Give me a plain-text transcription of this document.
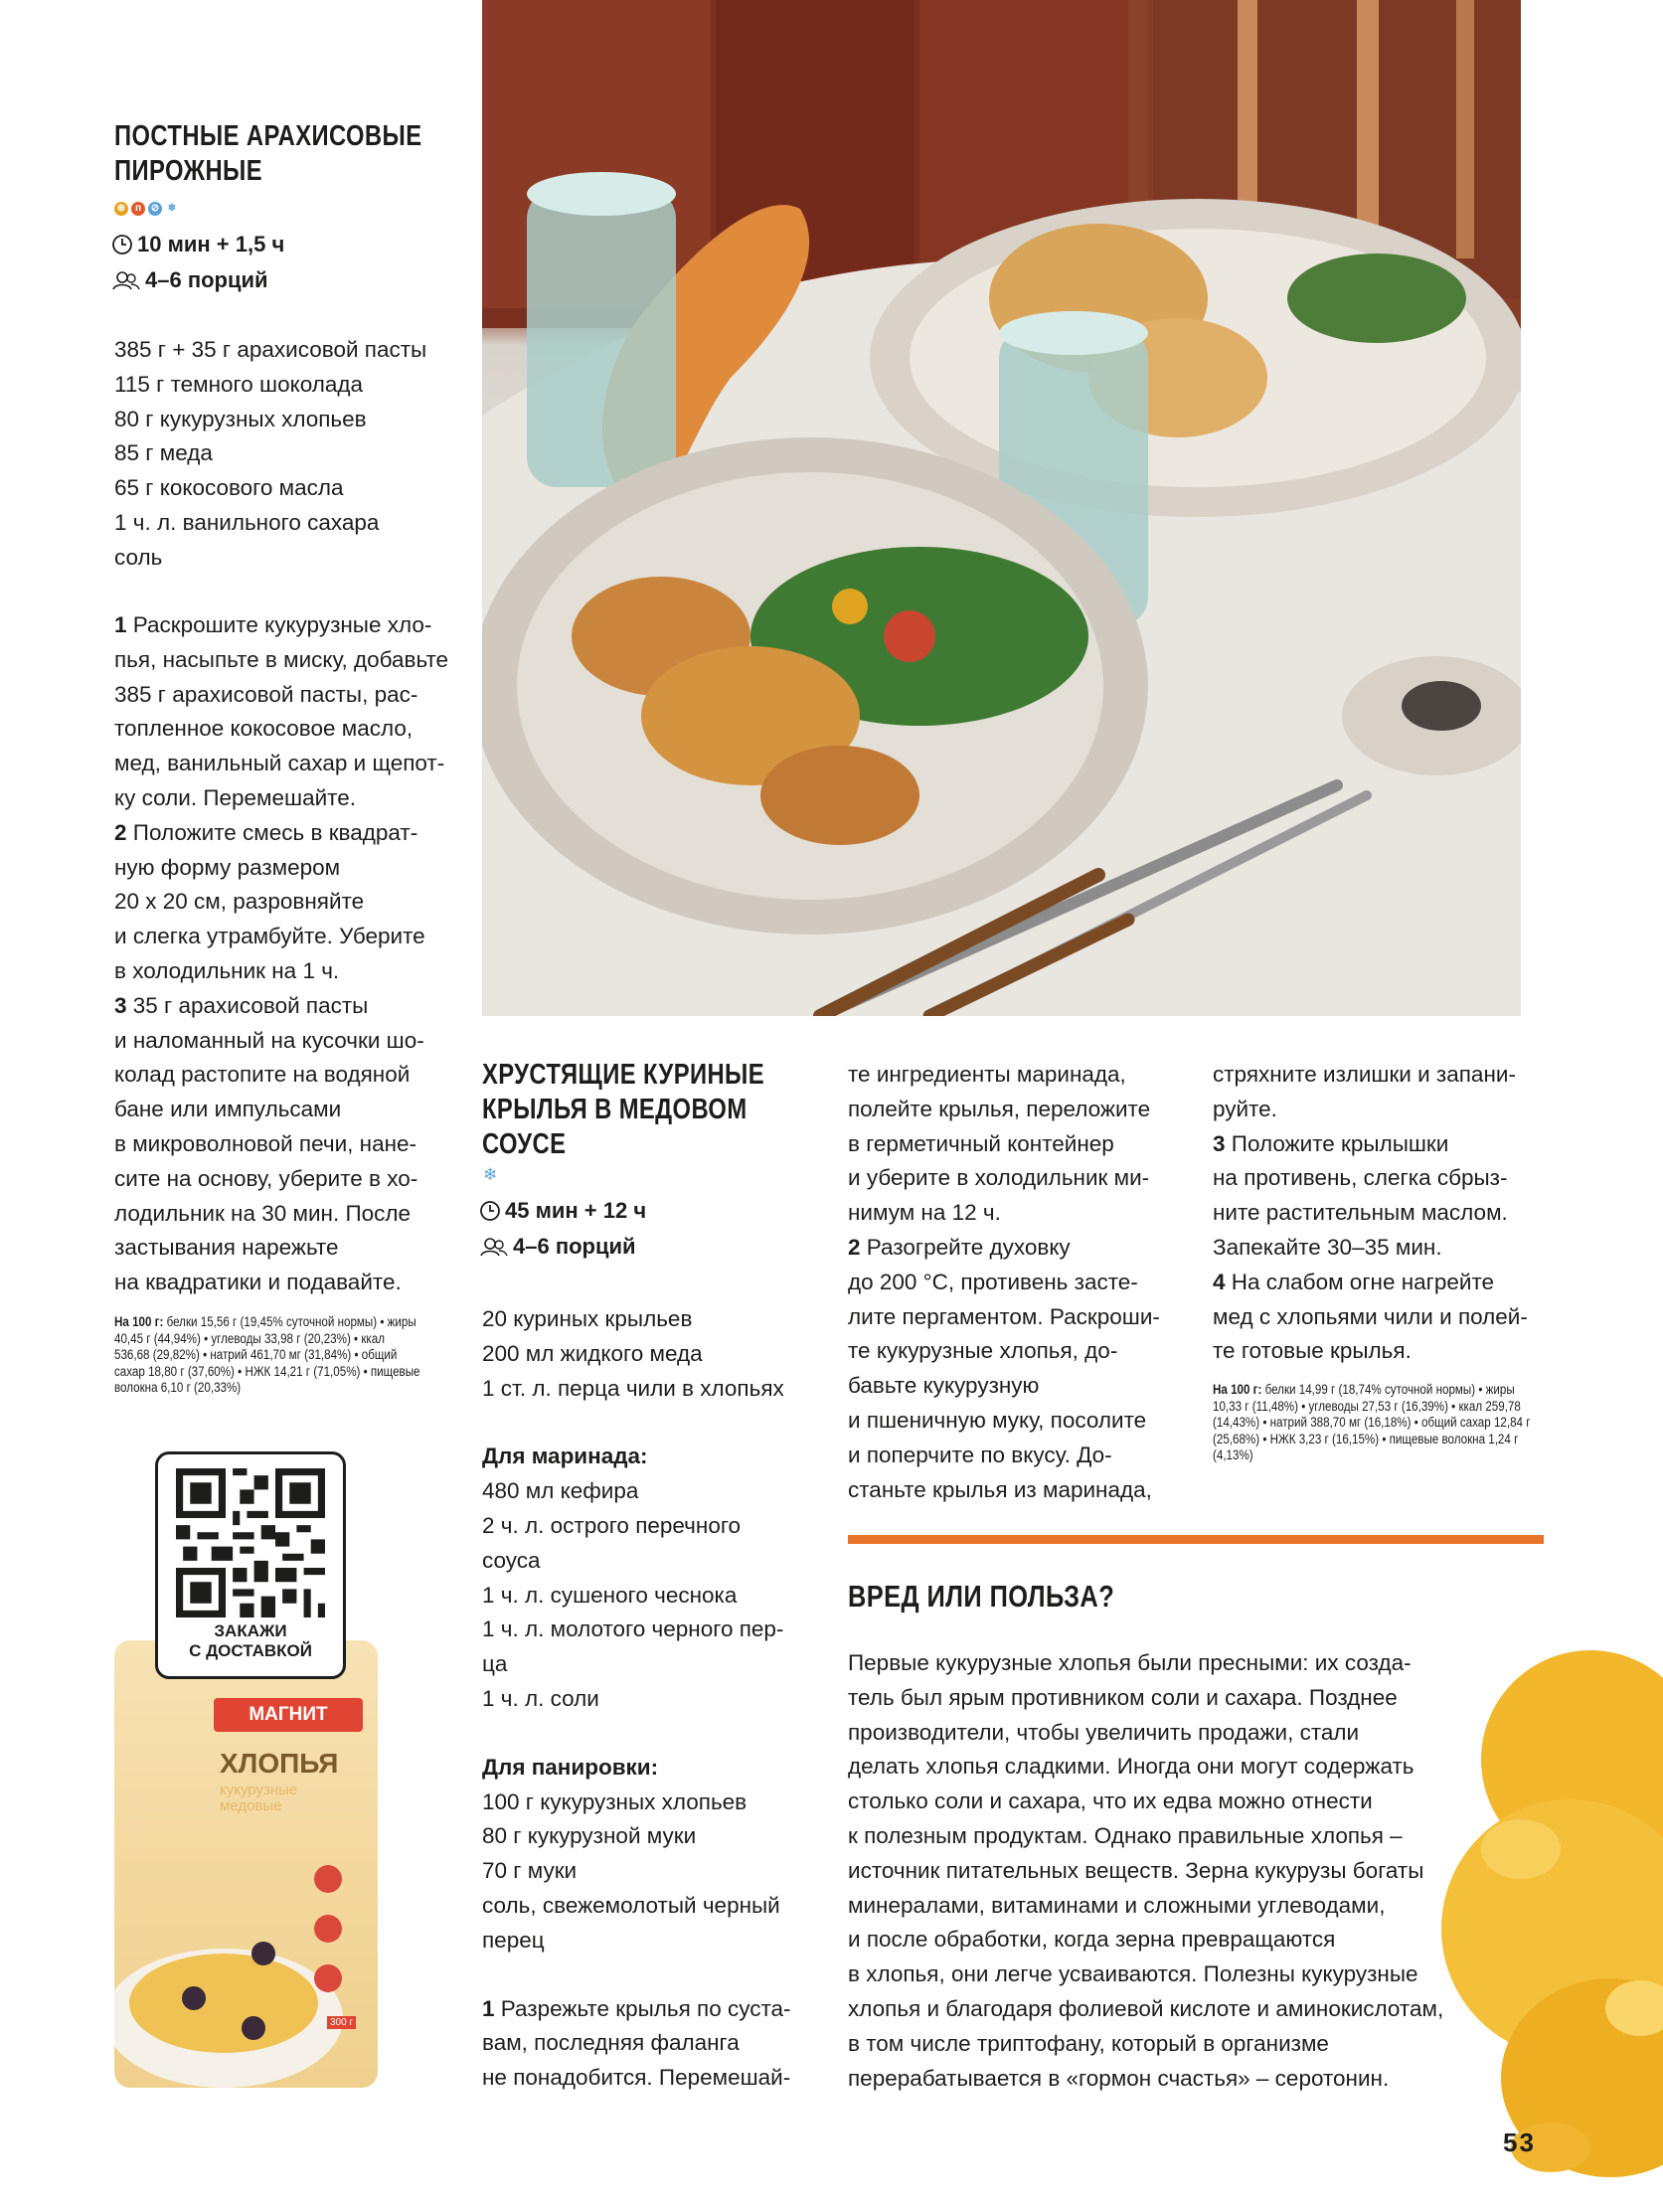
ПОСТНЫЕ АРАХИСОВЫЕ
ПИРОЖНЫЕ
⊕ п ⊘ ❄
10 мин + 1,5 ч
4–6 порций
385 г + 35 г арахисовой пасты
115 г темного шоколада
80 г кукурузных хлопьев
85 г меда
65 г кокосового масла
1 ч. л. ванильного сахара
соль
1 Раскрошите кукурузные хло-
пья, насыпьте в миску, добавьте
385 г арахисовой пасты, рас-
топленное кокосовое масло,
мед, ванильный сахар и щепот-
ку соли. Перемешайте.
2 Положите смесь в квадрат-
ную форму размером
20 х 20 см, разровняйте
и слегка утрамбуйте. Уберите
в холодильник на 1 ч.
3 35 г арахисовой пасты
и наломанный на кусочки шо-
колад растопите на водяной
бане или импульсами
в микроволновой печи, нане-
сите на основу, уберите в хо-
лодильник на 30 мин. После
застывания нарежьте
на квадратики и подавайте.
На 100 г: белки 15,56 г (19,45% суточной нормы) • жиры
40,45 г (44,94%) • углеводы 33,98 г (20,23%) • ккал
536,68 (29,82%) • натрий 461,70 мг (31,84%) • общий
сахар 18,80 г (37,60%) • НЖК 14,21 г (71,05%) • пищевые
волокна 6,10 г (20,33%)
МАГНИТ
ХЛОПЬЯ
кукурузные медовые
300 г
ЗАКАЖИ
С ДОСТАВКОЙ
ХРУСТЯЩИЕ КУРИНЫЕ
КРЫЛЬЯ В МЕДОВОМ
СОУСЕ
❄
45 мин + 12 ч
4–6 порций
20 куриных крыльев
200 мл жидкого меда
1 ст. л. перца чили в хлопьях
Для маринада:
480 мл кефира
2 ч. л. острого перечного
соуса
1 ч. л. сушеного чеснока
1 ч. л. молотого черного пер-
ца
1 ч. л. соли
Для панировки:
100 г кукурузных хлопьев
80 г кукурузной муки
70 г муки
соль, свежемолотый черный
перец
1 Разрежьте крылья по суста-
вам, последняя фаланга
не понадобится. Перемешай-
те ингредиенты маринада,
полейте крылья, переложите
в герметичный контейнер
и уберите в холодильник ми-
нимум на 12 ч.
2 Разогрейте духовку
до 200 °С, противень засте-
лите пергаментом. Раскроши-
те кукурузные хлопья, до-
бавьте кукурузную
и пшеничную муку, посолите
и поперчите по вкусу. До-
станьте крылья из маринада,
стряхните излишки и запани-
руйте.
3 Положите крылышки
на противень, слегка сбрыз-
ните растительным маслом.
Запекайте 30–35 мин.
4 На слабом огне нагрейте
мед с хлопьями чили и полей-
те готовые крылья.
На 100 г: белки 14,99 г (18,74% суточной нормы) • жиры
10,33 г (11,48%) • углеводы 27,53 г (16,39%) • ккал 259,78
(14,43%) • натрий 388,70 мг (16,18%) • общий сахар 12,84 г
(25,68%) • НЖК 3,23 г (16,15%) • пищевые волокна 1,24 г
(4,13%)
ВРЕД ИЛИ ПОЛЬЗА?
Первые кукурузные хлопья были пресными: их созда-
тель был ярым противником соли и сахара. Позднее
производители, чтобы увеличить продажи, стали
делать хлопья сладкими. Иногда они могут содержать
столько соли и сахара, что их едва можно отнести
к полезным продуктам. Однако правильные хлопья –
источник питательных веществ. Зерна кукурузы богаты
минералами, витаминами и сложными углеводами,
и после обработки, когда зерна превращаются
в хлопья, они легче усваиваются. Полезны кукурузные
хлопья и благодаря фолиевой кислоте и аминокислотам,
в том числе триптофану, который в организме
перерабатывается в «гормон счастья» – серотонин.
53
